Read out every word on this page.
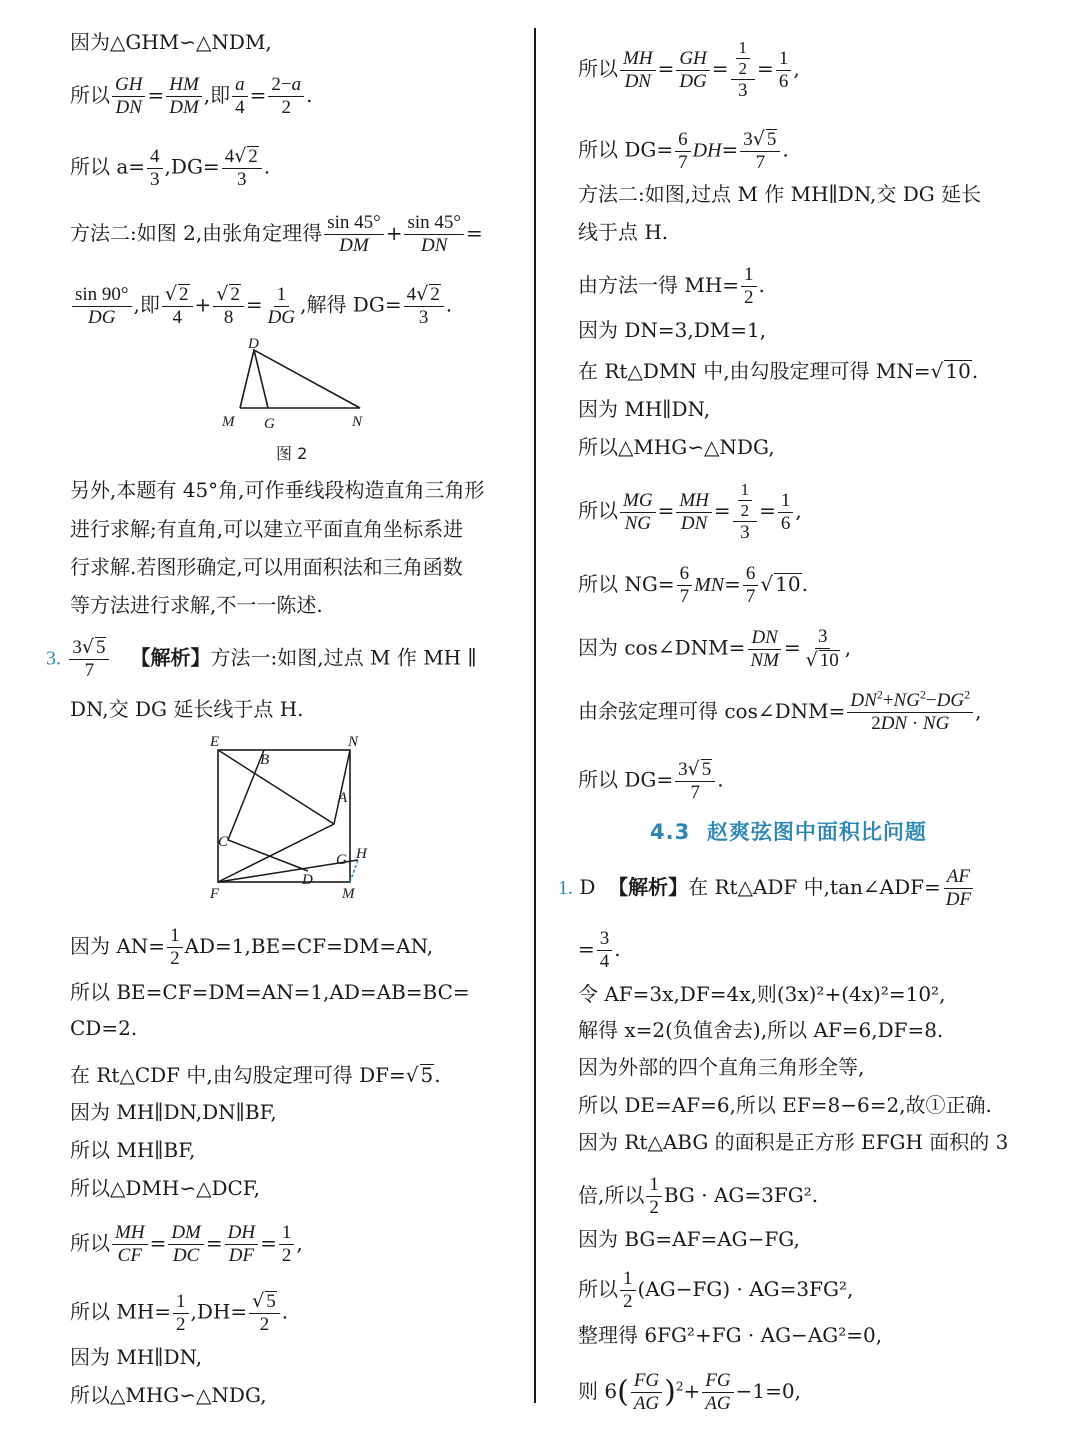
因为△GHM∽△NDM,
所以 $\frac{GH}{DN} = \frac{HM}{DM}$ ,即 $\frac{a}{4} = \frac{2-a}{2}$ .
所以 $a= \frac{4}{3} ,DG= \frac{4√ 2}{3}$ .
方法二:如图 2,由张角定理得 $\frac{\sin 45^\circ}{DM} + \frac{\sin 45^\circ}{DN}$ =
$\frac{\sin 90^\circ}{DG}$ ,即 $\frac{√ 2}{4} + \frac{√ 2}{8} = \frac{1}{DG}$ ,解得 $DG= \frac{4√ 2}{3}$ .
D
M G	N
图 2
另外,本题有 45°角,可作垂线段构造直角三角形
进行求解;有直角,可以建立平面直角坐标系进
行求解.若图形确定,可以用面积法和三角函数
等方法进行求解,不一一陈述.
3. $\frac{3√ 5}{7}$ 【解析】方法一:如图,过点 M 作 MH ∥
DN,交 DG 延长线于点 H.
E	N
B
A
C
G H
F
D
M
因为 $AN= \frac{1}{2} AD=1,BE=CF=DM=AN$,
所以 BE=CF=DM=AN=1,AD=AB=BC=
CD=2.
在 Rt△CDF 中,由勾股定理可得 DF=√ 5.
因为 MH∥DN,DN∥BF,
所以 MH∥BF,
所以△DMH∽△DCF,
所以 $\frac{MH}{CF} = \frac{DM}{DC} = \frac{DH}{DF} = \frac{1}{2}$ ,
所以 $MH= \frac{1}{2} ,DH= \frac{√ 5}{2}$ .
因为 MH∥DN,
所以△MHG∽△NDG,
所以 $\frac{MH}{DN} = \frac{GH}{DG} = \frac{\frac{1}{2}}{3} = \frac{1}{6}$ ,
所以 $DG= \frac{6}{7} DH= \frac{3√ 5}{7}$ .
方法二:如图,过点 M 作 MH∥DN,交 DG 延长
线于点 H.
由方法一得 $MH= \frac{1}{2}$ .
因为 DN=3,DM=1,
在 Rt△DMN 中,由勾股定理可得 MN=√ 10.
因为 MH∥DN,
所以△MHG∽△NDG,
所以 $\frac{MG}{NG} = \frac{MH}{DN} = \frac{\frac{1}{2}}{3} = \frac{1}{6}$ ,
所以 $NG= \frac{6}{7} MN= \frac{6}{7}$ √ 10.
因为 cos∠DNM= $\frac{DN}{NM} = \frac{3}{√ 10}$ ,
由余弦定理可得 cos∠DNM= $\frac{DN^2+NG^2-DG^2}{2DN \cdot NG}$ ,
所以 $DG= \frac{3√ 5}{7}$ .
4.3 赵爽弦图中面积比问题
1. D 【解析】在 Rt△ADF 中,tan∠ADF= $\frac{AF}{DF}$
= $\frac{3}{4}$ .
令 AF=3x,DF=4x,则(3x)²+(4x)²=10²,
解得 x=2(负值舍去),所以 AF=6,DF=8.
因为外部的四个直角三角形全等,
所以 DE=AF=6,所以 EF=8−6=2,故①正确.
因为 Rt△ABG 的面积是正方形 EFGH 面积的 3
倍,所以 $\frac{1}{2}$ BG · AG=3FG².
因为 BG=AF=AG−FG,
所以 $\frac{1}{2} (AG-FG) \cdot AG=3FG^2$,
整理得 6FG²+FG · AG−AG²=0,
则 $6( \frac{FG}{AG} )^2+ \frac{FG}{AG} -1=0$,
